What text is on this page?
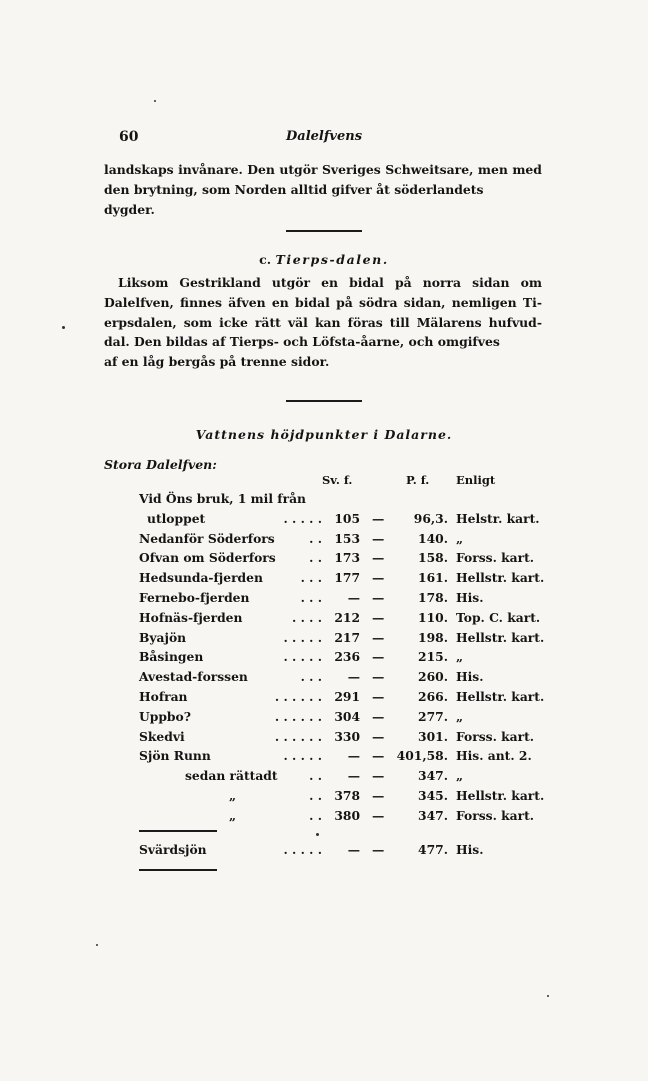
60	Dalelfvens

landskaps invånare. Den utgör Sveriges Schweitsare, men med den brytning, som Norden alltid gifver åt söderlandets
dygder.

c. Tierps-dalen.

Liksom Gestrikland utgör en bidal på norra sidan om Dalelfven, finnes äfven en bidal på södra sidan, nemligen Ti- erpsdalen, som icke rätt väl kan föras till Mälarens hufvud- dal. Den bildas af Tierps- och Löfsta-åarne, och omgifves
af en låg bergås på trenne sidor.

Vattnens höjdpunkter i Dalarne.
Stora Dalelfven:
Sv. f.	P. f. Enligt
Vid Öns bruk, 1 mil från
utloppet	. . . . .	105 —	96,3. Helstr. kart.
Nedanför Söderfors	. .	153 —	140. „
Ofvan om Söderfors	. .	173 —	158. Forss. kart.
Hedsunda-fjerden	. . .	177 —	161. Hellstr. kart.
Fernebo-fjerden	. . .	— —	178. His.
Hofnäs-fjerden	. . . .	212 —	110. Top. C. kart.
Byajön	. . . . .	217 —	198. Hellstr. kart.
Båsingen	. . . . .	236 —	215. „
Avestad-forssen	. . .	— —	260. His.
Hofran	. . . . . .	291 —	266. Hellstr. kart.
Uppbo?	. . . . . .	304 —	277. „
Skedvi	. . . . . .	330 —	301. Forss. kart.
Sjön Runn	. . . . .	— —	401,58. His. ant. 2.
sedan rättadt	. .	— —	347. „
„	. .	378 —	345. Hellstr. kart.
„	. .	380 —	347. Forss. kart.
Svärdsjön	. . . . .	— —	477. His.
